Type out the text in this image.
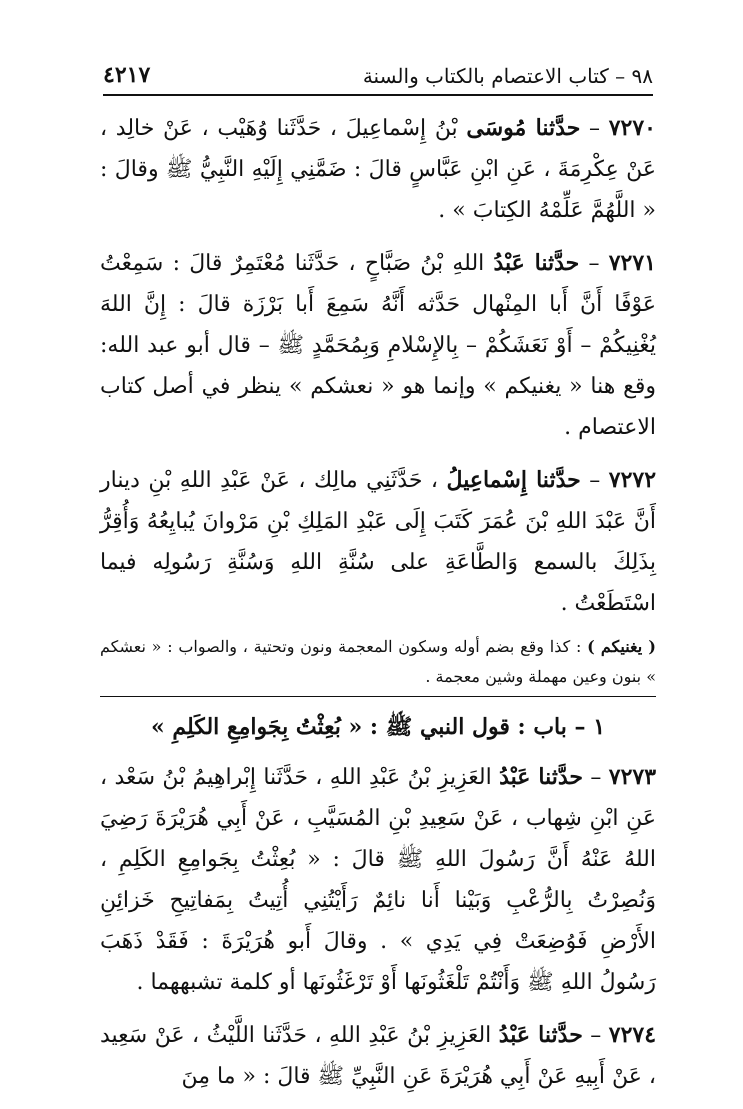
٩٨ – كتاب الاعتصام بالكتاب والسنة
٤٢١٧

٧٢٧٠ – حدَّثنا مُوسَى بْنُ إِسْماعِيلَ ، حَدَّثَنا وُهَيْب ، عَنْ خالِد ، عَنْ عِكْرِمَةَ ، عَنِ ابْنِ عَبَّاسٍ قالَ : ضَمَّنِي إِلَيْهِ النَّبِيُّ ﷺ وقالَ : « اللَّهُمَّ عَلِّمْهُ الكِتابَ » .

٧٢٧١ – حدَّثنا عَبْدُ اللهِ بْنُ صَبَّاحٍ ، حَدَّثَنا مُعْتَمِرٌ قالَ : سَمِعْتُ عَوْفًا أَنَّ أَبا المِنْهال حَدَّثه أَنَّهُ سَمِعَ أَبا بَرْزَة قالَ : إِنَّ اللهَ يُغْنِيكُمْ – أَوْ نَعَشَكُمْ – بِالإِسْلامِ وَبِمُحَمَّدٍ ﷺ – قال أبو عبد الله: وقع هنا « يغنيكم » وإنما هو « نعشكم » ينظر في أصل كتاب الاعتصام .

٧٢٧٢ – حدَّثنا إِسْماعِيلُ ، حَدَّثَنِي مالِك ، عَنْ عَبْدِ اللهِ بْنِ دينار أَنَّ عَبْدَ اللهِ بْنَ عُمَرَ كَتَبَ إِلَى عَبْدِ المَلِكِ بْنِ مَرْوانَ يُبايِعُهُ وَأُقِرُّ بِذَلِكَ بالسمع وَالطَّاعَةِ على سُنَّةِ اللهِ وَسُنَّةِ رَسُولِه فيما اسْتَطَعْتُ .

( يغنيكم ) : كذا وقع بضم أوله وسكون المعجمة ونون وتحتية ، والصواب : « نعشكم » بنون وعين مهملة وشين معجمة .

١ – باب : قول النبي ﷺ : « بُعِثْتُ بِجَوامِعِ الكَلِمِ »

٧٢٧٣ – حدَّثنا عَبْدُ العَزِيزِ بْنُ عَبْدِ اللهِ ، حَدَّثَنا إِبْراهِيمُ بْنُ سَعْد ، عَنِ ابْنِ شِهاب ، عَنْ سَعِيدِ بْنِ المُسَيَّبِ ، عَنْ أَبِي هُرَيْرَةَ رَضِيَ اللهُ عَنْهُ أَنَّ رَسُولَ اللهِ ﷺ قالَ : « بُعِثْتُ بِجَوامِعِ الكَلِمِ ، وَنُصِرْتُ بِالرُّعْبِ وَبَيْنا أَنا نائِمٌ رَأَيْتُنِي أُتِيتُ بِمَفاتِيحِ خَزائِنِ الأَرْضِ فَوُضِعَتْ فِي يَدِي » . وقالَ أَبو هُرَيْرَةَ : فَقَدْ ذَهَبَ رَسُولُ اللهِ ﷺ وَأَنْتُمْ تَلْغَثُونَها أَوْ تَرْغَثُونَها أو كلمة تشبههما .

٧٢٧٤ – حدَّثنا عَبْدُ العَزِيزِ بْنُ عَبْدِ اللهِ ، حَدَّثَنا اللَّيْثُ ، عَنْ سَعِيد ، عَنْ أَبِيهِ عَنْ أَبِي هُرَيْرَةَ عَنِ النَّبِيِّ ﷺ قالَ : « ما مِنَ
